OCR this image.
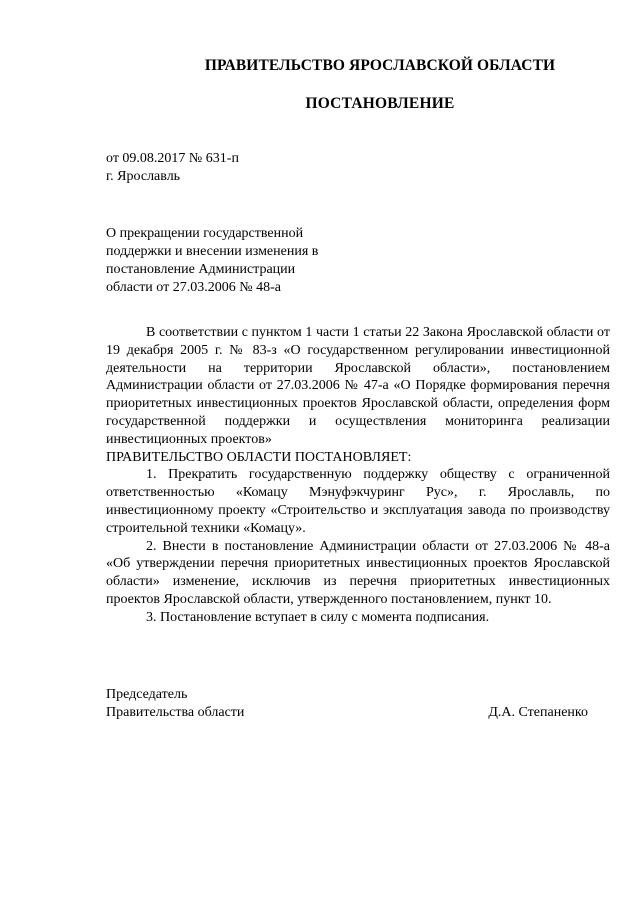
ПРАВИТЕЛЬСТВО ЯРОСЛАВСКОЙ ОБЛАСТИ
ПОСТАНОВЛЕНИЕ
от 09.08.2017 № 631-п
г. Ярославль
О прекращении государственной
поддержки и внесении изменения в
постановление Администрации
области от 27.03.2006 № 48-а

В соответствии с пунктом 1 части 1 статьи 22 Закона Ярославской области от 19 декабря 2005 г. № 83-з «О государственном регулировании инвестиционной деятельности на территории Ярославской области», постановлением Администрации области от 27.03.2006 № 47-а «О Порядке формирования перечня приоритетных инвестиционных проектов Ярославской области, определения форм государственной поддержки и осуществления мониторинга реализации инвестиционных проектов»

ПРАВИТЕЛЬСТВО ОБЛАСТИ ПОСТАНОВЛЯЕТ:

1. Прекратить государственную поддержку обществу с ограниченной ответственностью «Комацу Мэнуфэкчуринг Рус», г. Ярославль, по инвестиционному проекту «Строительство и эксплуатация завода по производству строительной техники «Комацу».

2. Внести в постановление Администрации области от 27.03.2006 № 48-а «Об утверждении перечня приоритетных инвестиционных проектов Ярославской области» изменение, исключив из перечня приоритетных инвестиционных проектов Ярославской области, утвержденного постановлением, пункт 10.

3. Постановление вступает в силу с момента подписания.

Председатель
Правительства области	Д.А. Степаненко
